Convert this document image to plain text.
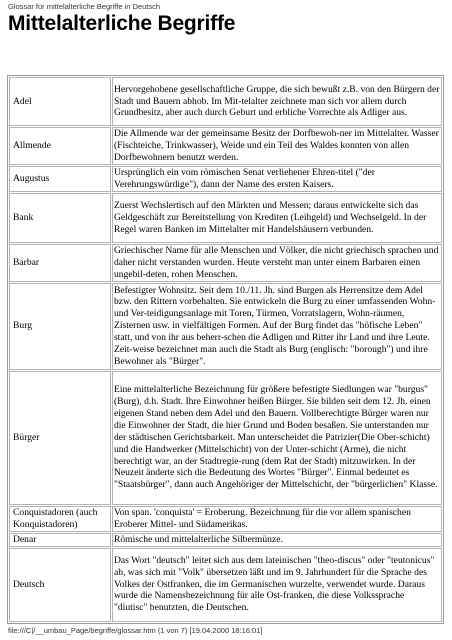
Glossar für mittelalterliche Begriffe in Deutsch
Mittelalterliche Begriffe
Adel	Hervorgehobene gesellschaftliche Gruppe, die sich bewußt z.B. von den Bürgern der Stadt und Bauern abhob. Im Mit-telalter zeichnete man sich vor allem durch Grundbesitz, aber auch durch Geburt und erbliche Vorrechte als Adliger aus.
Allmende	Die Allmende war der gemeinsame Besitz der Dorfbewoh-ner im Mittelalter. Wasser (Fischteiche, Trinkwasser), Weide und ein Teil des Waldes konnten von allen Dorfbewohnern benutzt werden.
Augustus	Ursprünglich ein vom römischen Senat verliehener Ehren-titel ("der Verehrungswürdige"), dann der Name des ersten Kaisers.
Bank	Zuerst Wechslertisch auf den Märkten und Messen; daraus entwickelte sich das Geldgeschäft zur Bereitstellung von Krediten (Leihgeld) und Wechselgeld. In der Regel waren Banken im Mittelalter mit Handelshäusern verbunden.
Barbar	Griechischer Name für alle Menschen und Völker, die nicht griechisch sprachen und daher nicht verstanden wurden. Heute versteht man unter einem Barbaren einen ungebil-deten, rohen Menschen.
Burg	Befestigter Wohnsitz. Seit dem 10./11. Jh. sind Burgen als Herrensitze dem Adel bzw. den Rittern vorbehalten. Sie entwickeln die Burg zu einer umfassenden Wohn- und Ver-teidigungsanlage mit Toren, Türmen, Vorratslagern, Wohn-räumen, Zisternen usw. in vielfältigen Formen. Auf der Burg findet das "höfische Leben" statt, und von ihr aus beherr-schen die Adligen und Ritter ihr Land und ihre Leute. Zeit-weise bezeichnet man auch die Stadt als Burg (englisch: "borough") und ihre Bewohner als "Bürger".
Bürger	Eine mittelalterliche Bezeichnung für größere befestigte Siedlungen war "burgus" (Burg), d.h. Stadt. Ihre Einwohner heißen Bürger. Sie bilden seit dem 12. Jh. einen eigenen Stand neben dem Adel und den Bauern. Vollberechtigte Bürger waren nur die Einwohner der Stadt, die hier Grund und Boden besaßen. Sie unterstanden nur der städtischen Gerichtsbarkeit. Man unterscheidet die Patrizier(Die Ober-schicht) und die Handwerker (Mittelschicht) von der Unter-schicht (Arme), die nicht berechtigt war, an der Stadtregie-rung (dem Rat der Stadt) mitzuwirken. In der Neuzeit änderte sich die Bedeutung des Wortes "Bürger". Einmal bedeutet es "Staatsbürger", dann auch Angehöriger der Mittelschicht, der "bürgerlichen" Klasse.
Conquistadoren (auch Konquistadoren)	Von span. 'conquista' = Eroberung. Bezeichnung für die vor allem spanischen Eroberer Mittel- und Südamerikas.
Denar	Römische und mittelalterliche Silbermünze.
Deutsch	Das Wort "deutsch" leitet sich aus dem lateinischen "theo-discus" oder "teutonicus" ab, was sich mit "Volk" übersetzen läßt und im 9. Jahrhundert für die Sprache des Volkes der Ostfranken, die im Germanischen wurzelte, verwendet wurde. Daraus wurde die Namensbezeichnung für alle Ost-franken, die diese Volkssprache "diutisc" benutzten, die Deutschen.
file:///C|/__umbau_Page/begriffe/glossar.htm (1 von 7) [19.04.2000 18:16:01]
